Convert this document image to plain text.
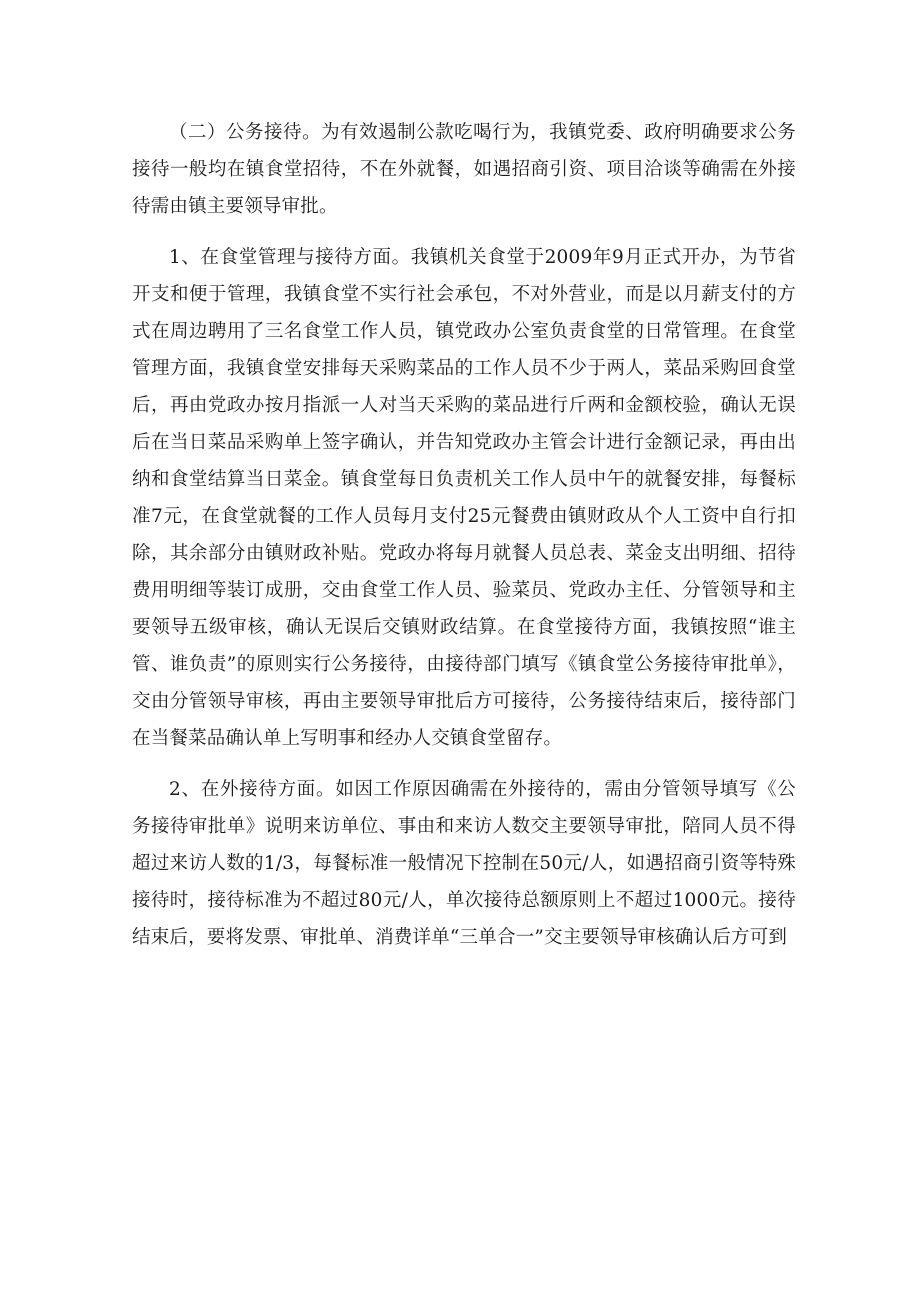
（二）公务接待。为有效遏制公款吃喝行为，我镇党委、政府明确要求公务接待一般均在镇食堂招待，不在外就餐，如遇招商引资、项目洽谈等确需在外接待需由镇主要领导审批。

1、在食堂管理与接待方面。我镇机关食堂于2009年9月正式开办，为节省开支和便于管理，我镇食堂不实行社会承包，不对外营业，而是以月薪支付的方式在周边聘用了三名食堂工作人员，镇党政办公室负责食堂的日常管理。在食堂管理方面，我镇食堂安排每天采购菜品的工作人员不少于两人，菜品采购回食堂后，再由党政办按月指派一人对当天采购的菜品进行斤两和金额校验，确认无误后在当日菜品采购单上签字确认，并告知党政办主管会计进行金额记录，再由出纳和食堂结算当日菜金。镇食堂每日负责机关工作人员中午的就餐安排，每餐标准7元，在食堂就餐的工作人员每月支付25元餐费由镇财政从个人工资中自行扣除，其余部分由镇财政补贴。党政办将每月就餐人员总表、菜金支出明细、招待费用明细等装订成册，交由食堂工作人员、验菜员、党政办主任、分管领导和主要领导五级审核，确认无误后交镇财政结算。在食堂接待方面，我镇按照“谁主管、谁负责”的原则实行公务接待，由接待部门填写《镇食堂公务接待审批单》，交由分管领导审核，再由主要领导审批后方可接待，公务接待结束后，接待部门在当餐菜品确认单上写明事和经办人交镇食堂留存。

2、在外接待方面。如因工作原因确需在外接待的，需由分管领导填写《公务接待审批单》说明来访单位、事由和来访人数交主要领导审批，陪同人员不得超过来访人数的1/3，每餐标准一般情况下控制在50元/人，如遇招商引资等特殊接待时，接待标准为不超过80元/人，单次接待总额原则上不超过1000元。接待结束后，要将发票、审批单、消费详单“三单合一”交主要领导审核确认后方可到
